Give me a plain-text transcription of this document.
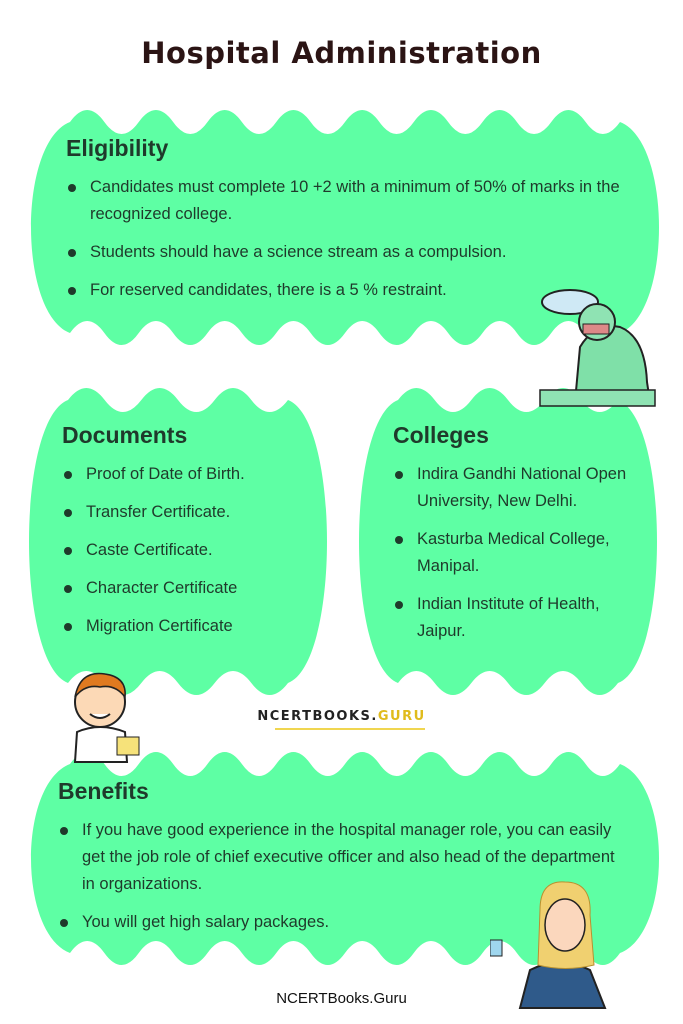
Hospital Administration
Eligibility
Candidates must complete 10 +2 with a minimum of 50% of marks in the recognized college.
Students should have a science stream as a compulsion.
For reserved candidates, there is a 5 % restraint.
Documents
Proof of Date of Birth.
Transfer Certificate.
Caste Certificate.
Character Certificate
Migration Certificate
Colleges
Indira Gandhi National Open University, New Delhi.
Kasturba Medical College, Manipal.
Indian Institute of Health, Jaipur.
NCERTBOOKS.GURU
Benefits
If you have good experience in the hospital manager role, you can easily get the job role of chief executive officer and also head of the department in organizations.
You will get high salary packages.
NCERTBooks.Guru
